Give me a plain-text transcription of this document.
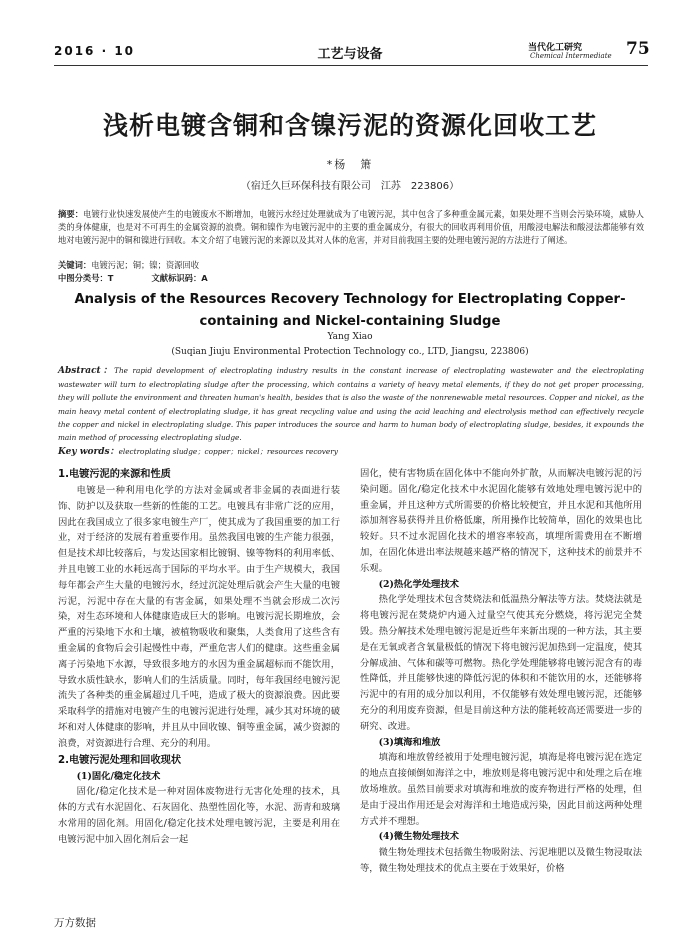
2016 · 10	工艺与设备	当代化工研究
Chemical Intermediate 75
浅析电镀含铜和含镍污泥的资源化回收工艺
*杨　箫
（宿迁久巨环保科技有限公司　江苏　223806）
摘要：电镀行业快速发展使产生的电镀废水不断增加，电镀污水经过处理就成为了电镀污泥，其中包含了多种重金属元素，如果处理不当则会污染环境，威胁人类的身体健康，也是对不可再生的金属资源的浪费。铜和镍作为电镀污泥中的主要的重金属成分，有很大的回收再利用价值，用酸浸电解法和酸浸法都能够有效地对电镀污泥中的铜和镍进行回收。本文介绍了电镀污泥的来源以及其对人体的危害，并对目前我国主要的处理电镀污泥的方法进行了阐述。
关键词：电镀污泥；铜；镍；资源回收
中图分类号：T	文献标识码：A
Analysis of the Resources Recovery Technology for Electroplating Copper-
containing and Nickel-containing Sludge
Yang Xiao
(Suqian Jiuju Environmental Protection Technology co., LTD, Jiangsu, 223806)
Abstract：The rapid development of electroplating industry results in the constant increase of electroplating wastewater and the electroplating wastewater will turn to electroplating sludge after the processing, which contains a variety of heavy metal elements, if they do not get proper processing, they will pollute the environment and threaten human's health, besides that is also the waste of the nonrenewable metal resources. Copper and nickel, as the main heavy metal content of electroplating sludge, it has great recycling value and using the acid leaching and electrolysis method can effectively recycle the copper and nickel in electroplating sludge. This paper introduces the source and harm to human body of electroplating sludge, besides, it expounds the main method of processing electroplating sludge.
Key words：electroplating sludge；copper；nickel；resources recovery
1.电镀污泥的来源和性质

电镀是一种利用电化学的方法对金属或者非金属的表面进行装饰、防护以及获取一些新的性能的工艺。电镀具有非常广泛的应用，因此在我国成立了很多家电镀生产厂，使其成为了我国重要的加工行业，对于经济的发展有着重要作用。虽然我国电镀的生产能力很强，但是技术却比较落后，与发达国家相比镀铜、镍等物料的利用率低、并且电镀工业的水耗远高于国际的平均水平。由于生产规模大，我国每年都会产生大量的电镀污水，经过沉淀处理后就会产生大量的电镀污泥，污泥中存在大量的有害金属，如果处理不当就会形成二次污染，对生态环境和人体健康造成巨大的影响。电镀污泥长期堆放，会严重的污染地下水和土壤，被植物吸收和聚集，人类食用了这些含有重金属的食物后会引起慢性中毒，严重危害人们的健康。这些重金属离子污染地下水源，导致很多地方的水因为重金属超标而不能饮用，导致水质性缺水，影响人们的生活质量。同时，每年我国经电镀污泥流失了各种类的重金属超过几千吨，造成了极大的资源浪费。因此要采取科学的措施对电镀产生的电镀污泥进行处理，减少其对环境的破坏和对人体健康的影响，并且从中回收镍、铜等重金属，减少资源的浪费，对资源进行合理、充分的利用。

2.电镀污泥处理和回收现状
(1)固化/稳定化技术

固化/稳定化技术是一种对固体废物进行无害化处理的技术，具体的方式有水泥固化、石灰固化、热塑性固化等，水泥、沥青和玻璃水常用的固化剂。用固化/稳定化技术处理电镀污泥，主要是利用在电镀污泥中加入固化剂后会一起

固化，使有害物质在固化体中不能向外扩散，从而解决电镀污泥的污染问题。固化/稳定化技术中水泥固化能够有效地处理电镀污泥中的重金属，并且这种方式所需要的价格比较便宜，并且水泥和其他所用添加剂容易获得并且价格低廉，所用操作比较简单，固化的效果也比较好。只不过水泥固化技术的增容率较高，填埋所需费用在不断增加，在固化体进出率法规越来越严格的情况下，这种技术的前景并不乐观。

(2)热化学处理技术

热化学处理技术包含焚烧法和低温热分解法等方法。焚烧法就是将电镀污泥在焚烧炉内通入过量空气使其充分燃烧，将污泥完全焚毁。热分解技术处理电镀污泥是近些年来新出现的一种方法，其主要是在无氧或者含氧量极低的情况下将电镀污泥加热到一定温度，使其分解成油、气体和碳等可燃物。热化学处理能够将电镀污泥含有的毒性降低，并且能够快速的降低污泥的体积和不能饮用的水，还能够将污泥中的有用的成分加以利用，不仅能够有效处理电镀污泥，还能够充分的利用废弃资源，但是目前这种方法的能耗较高还需要进一步的研究、改进。

(3)填海和堆放

填海和堆放曾经被用于处理电镀污泥，填海是将电镀污泥在选定的地点直接倾倒如海洋之中，堆放则是将电镀污泥中和处理之后在堆放场堆放。虽然目前要求对填海和堆放的废弃物进行严格的处理，但是由于浸出作用还是会对海洋和土地造成污染，因此目前这两种处理方式并不理想。

(4)微生物处理技术

微生物处理技术包括微生物吸附法、污泥堆肥以及微生物浸取法等，微生物处理技术的优点主要在于效果好，价格

万方数据
